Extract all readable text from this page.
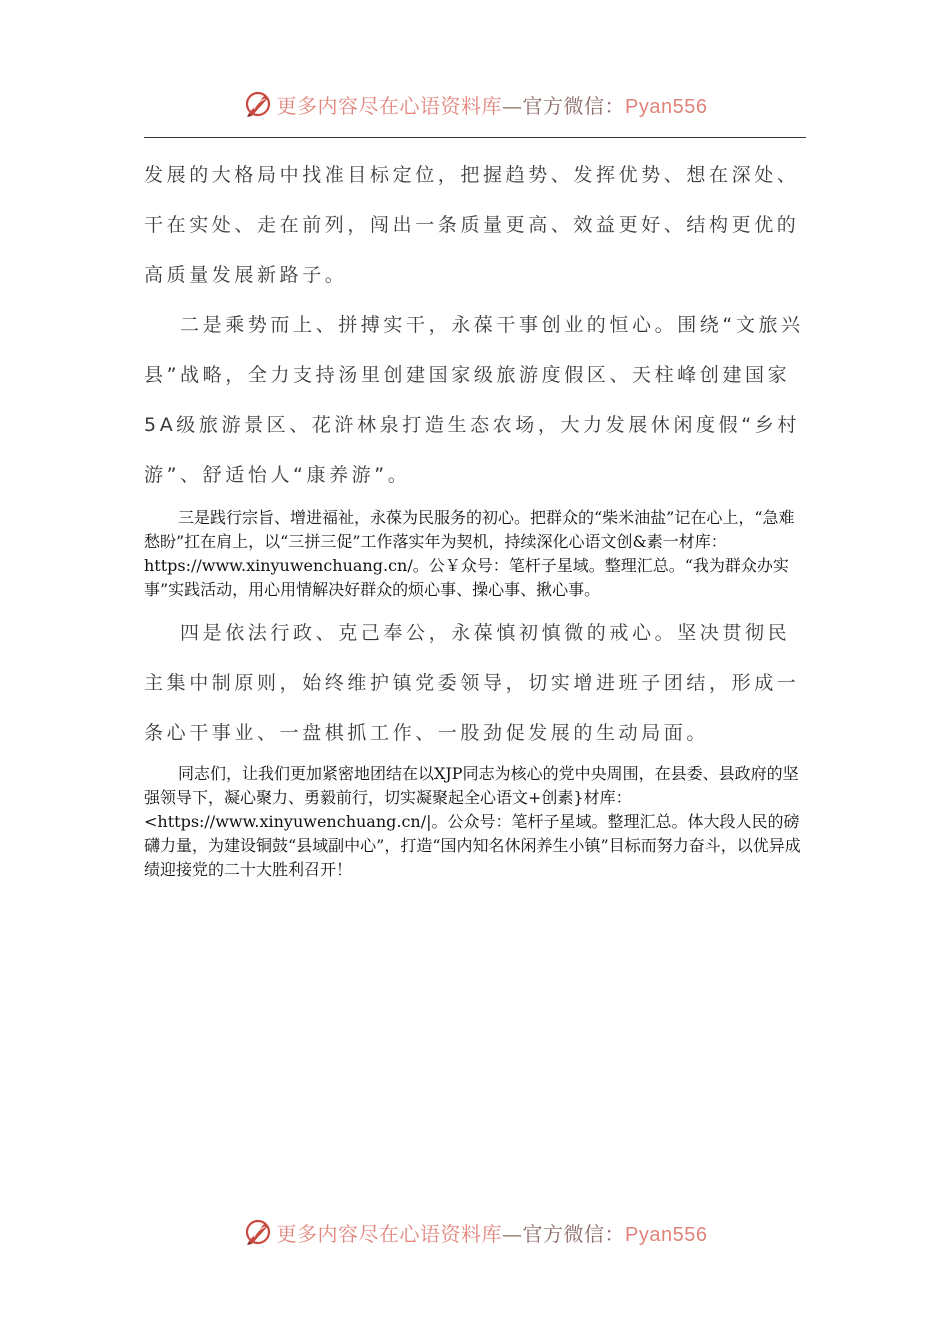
更多内容尽在心语资料库—官方微信：Pyan556

发展的大格局中找准目标定位，把握趋势、发挥优势、想在深处、干在实处、走在前列，闯出一条质量更高、效益更好、结构更优的高质量发展新路子。

二是乘势而上、拼搏实干，永葆干事创业的恒心。围绕“文旅兴县”战略，全力支持汤里创建国家级旅游度假区、天柱峰创建国家5A级旅游景区、花浒林泉打造生态农场，大力发展休闲度假“乡村游”、舒适怡人“康养游”。

三是践行宗旨、增进福祉，永葆为民服务的初心。把群众的“柴米油盐”记在心上，“急难愁盼”扛在肩上，以“三拼三促”工作落实年为契机，持续深化心语文创&素一材库：https://www.xinyuwenchuang.cn/。公￥众号：笔杆子星域。整理汇总。“我为群众办实事”实践活动，用心用情解决好群众的烦心事、操心事、揪心事。

四是依法行政、克己奉公，永葆慎初慎微的戒心。坚决贯彻民主集中制原则，始终维护镇党委领导，切实增进班子团结，形成一条心干事业、一盘棋抓工作、一股劲促发展的生动局面。

同志们，让我们更加紧密地团结在以XJP同志为核心的党中央周围，在县委、县政府的坚强领导下，凝心聚力、勇毅前行，切实凝聚起全心语文+创素}材库：<https://www.xinyuwenchuang.cn/|。公众号：笔杆子星域。整理汇总。体大段人民的磅礴力量，为建设铜鼓“县域副中心”，打造“国内知名休闲养生小镇”目标而努力奋斗，以优异成绩迎接党的二十大胜利召开！

更多内容尽在心语资料库—官方微信：Pyan556
